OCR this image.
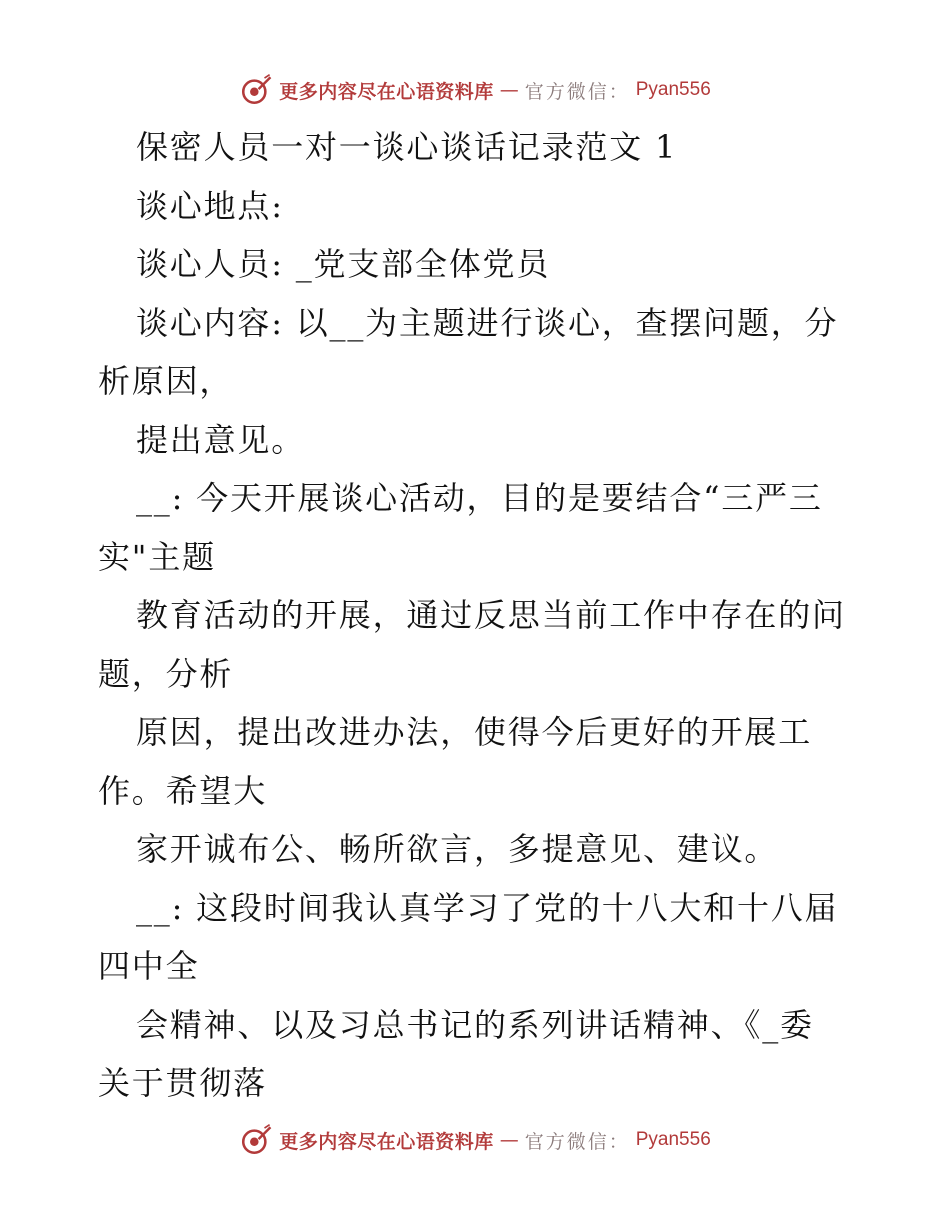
更多内容尽在心语资料库 — 官方微信： Pyan556
保密人员一对一谈心谈话记录范文 1
谈心地点:
谈心人员: _党支部全体党员
谈心内容: 以__为主题进行谈心，查摆问题，分
析原因，
提出意见。
__: 今天开展谈心活动，目的是要结合“三严三
实"主题
教育活动的开展，通过反思当前工作中存在的问
题，分析
原因，提出改进办法，使得今后更好的开展工
作。希望大
家开诚布公、畅所欲言，多提意见、建议。
__: 这段时间我认真学习了党的十八大和十八届
四中全
会精神、以及习总书记的系列讲话精神、《_委
关于贯彻落
更多内容尽在心语资料库 — 官方微信： Pyan556
